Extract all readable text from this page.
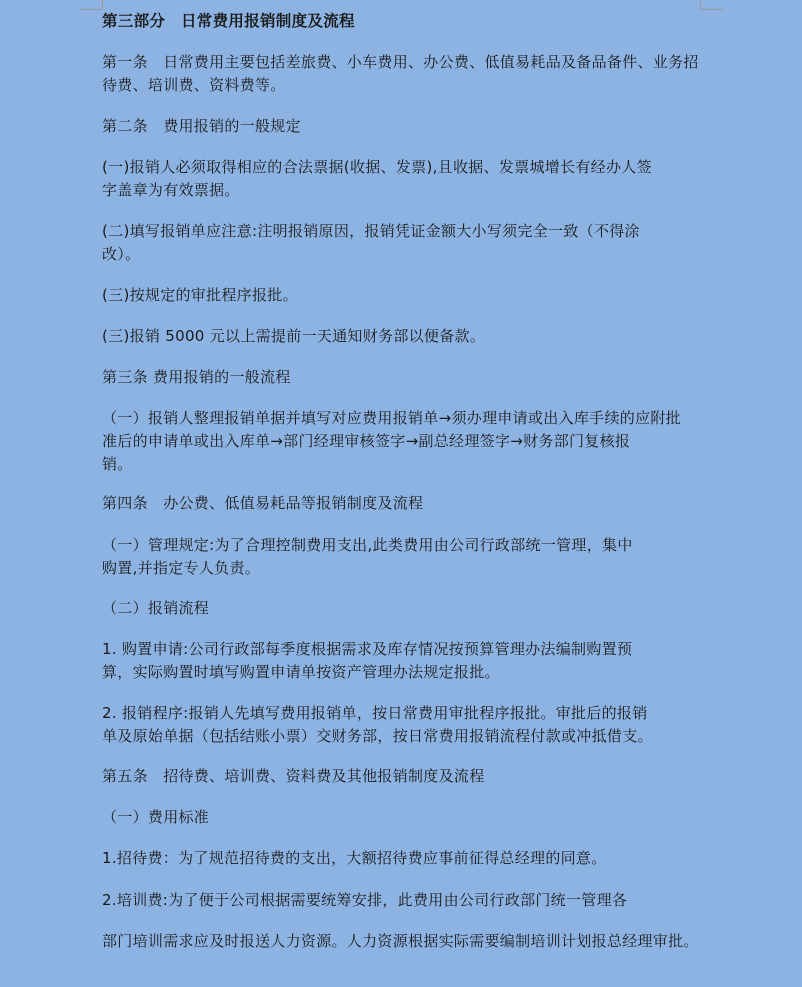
第三部分　日常费用报销制度及流程
第一条　日常费用主要包括差旅费、小车费用、办公费、低值易耗品及备品备件、业务招
待费、培训费、资料费等。
第二条　费用报销的一般规定
(一)报销人必须取得相应的合法票据(收据、发票),且收据、发票城增长有经办人签
字盖章为有效票据。
(二)填写报销单应注意:注明报销原因，报销凭证金额大小写须完全一致（不得涂
改）。
(三)按规定的审批程序报批。
(三)报销 5000 元以上需提前一天通知财务部以便备款。
第三条 费用报销的一般流程
（一）报销人整理报销单据并填写对应费用报销单→须办理申请或出入库手续的应附批
准后的申请单或出入库单→部门经理审核签字→副总经理签字→财务部门复核报
销。
第四条　办公费、低值易耗品等报销制度及流程
（一）管理规定:为了合理控制费用支出,此类费用由公司行政部统一管理，集中
购置,并指定专人负责。
（二）报销流程
1. 购置申请:公司行政部每季度根据需求及库存情况按预算管理办法编制购置预
算，实际购置时填写购置申请单按资产管理办法规定报批。
2. 报销程序:报销人先填写费用报销单，按日常费用审批程序报批。审批后的报销
单及原始单据（包括结账小票）交财务部，按日常费用报销流程付款或冲抵借支。
第五条　招待费、培训费、资料费及其他报销制度及流程
（一）费用标准
1.招待费：为了规范招待费的支出，大额招待费应事前征得总经理的同意。
2.培训费:为了便于公司根据需要统筹安排，此费用由公司行政部门统一管理各
部门培训需求应及时报送人力资源。人力资源根据实际需要编制培训计划报总经理审批。
